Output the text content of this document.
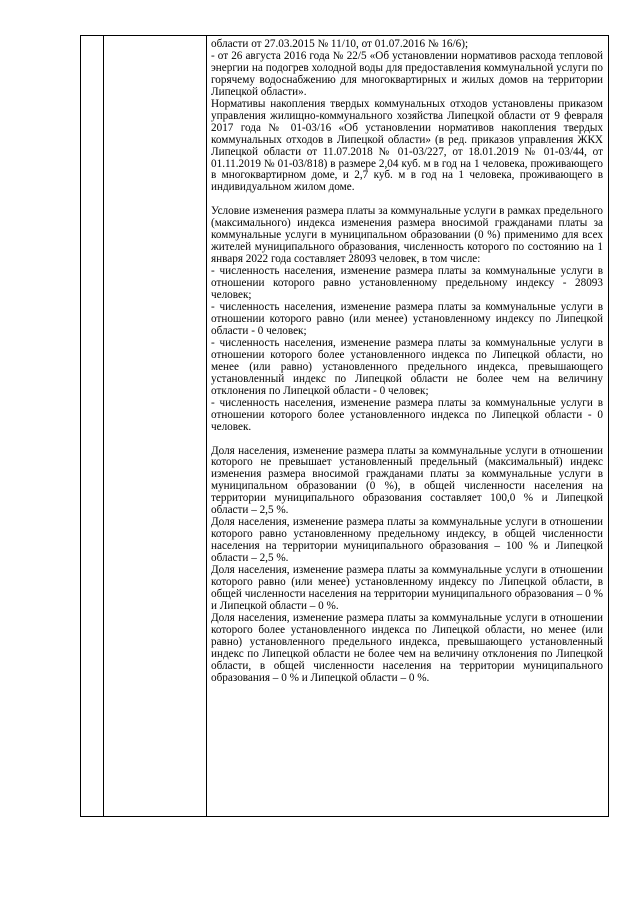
области от 27.03.2015 № 11/10, от 01.07.2016 № 16/6);

- от 26 августа 2016 года № 22/5 «Об установлении нормативов расхода тепловой энергии на подогрев холодной воды для предоставления коммунальной услуги по горячему водоснабжению для многоквартирных и жилых домов на территории Липецкой области».

Нормативы накопления твердых коммунальных отходов установлены приказом управления жилищно-коммунального хозяйства Липецкой области от 9 февраля 2017 года № 01-03/16 «Об установлении нормативов накопления твердых коммунальных отходов в Липецкой области» (в ред. приказов управления ЖКХ Липецкой области от 11.07.2018 № 01-03/227, от 18.01.2019 № 01-03/44, от 01.11.2019 № 01-03/818) в размере 2,04 куб. м в год на 1 человека, проживающего в многоквартирном доме, и 2,7 куб. м в год на 1 человека, проживающего в индивидуальном жилом доме.

Условие изменения размера платы за коммунальные услуги в рамках предельного (максимального) индекса изменения размера вносимой гражданами платы за коммунальные услуги в муниципальном образовании (0 %) применимо для всех жителей муниципального образования, численность которого по состоянию на 1 января 2022 года составляет 28093 человек, в том числе:

- численность населения, изменение размера платы за коммунальные услуги в отношении которого равно установленному предельному индексу - 28093 человек;

- численность населения, изменение размера платы за коммунальные услуги в отношении которого равно (или менее) установленному индексу по Липецкой области - 0 человек;

- численность населения, изменение размера платы за коммунальные услуги в отношении которого более установленного индекса по Липецкой области, но менее (или равно) установленного предельного индекса, превышающего установленный индекс по Липецкой области не более чем на величину отклонения по Липецкой области - 0 человек;

- численность населения, изменение размера платы за коммунальные услуги в отношении которого более установленного индекса по Липецкой области - 0 человек.

Доля населения, изменение размера платы за коммунальные услуги в отношении которого не превышает установленный предельный (максимальный) индекс изменения размера вносимой гражданами платы за коммунальные услуги в муниципальном образовании (0 %), в общей численности населения на территории муниципального образования составляет 100,0 % и Липецкой области – 2,5 %.

Доля населения, изменение размера платы за коммунальные услуги в отношении которого равно установленному предельному индексу, в общей численности населения на территории муниципального образования – 100 % и Липецкой области – 2,5 %.

Доля населения, изменение размера платы за коммунальные услуги в отношении которого равно (или менее) установленному индексу по Липецкой области, в общей численности населения на территории муниципального образования – 0 % и Липецкой области – 0 %.

Доля населения, изменение размера платы за коммунальные услуги в отношении которого более установленного индекса по Липецкой области, но менее (или равно) установленного предельного индекса, превышающего установленный индекс по Липецкой области не более чем на величину отклонения по Липецкой области, в общей численности населения на территории муниципального образования – 0 % и Липецкой области – 0 %.
